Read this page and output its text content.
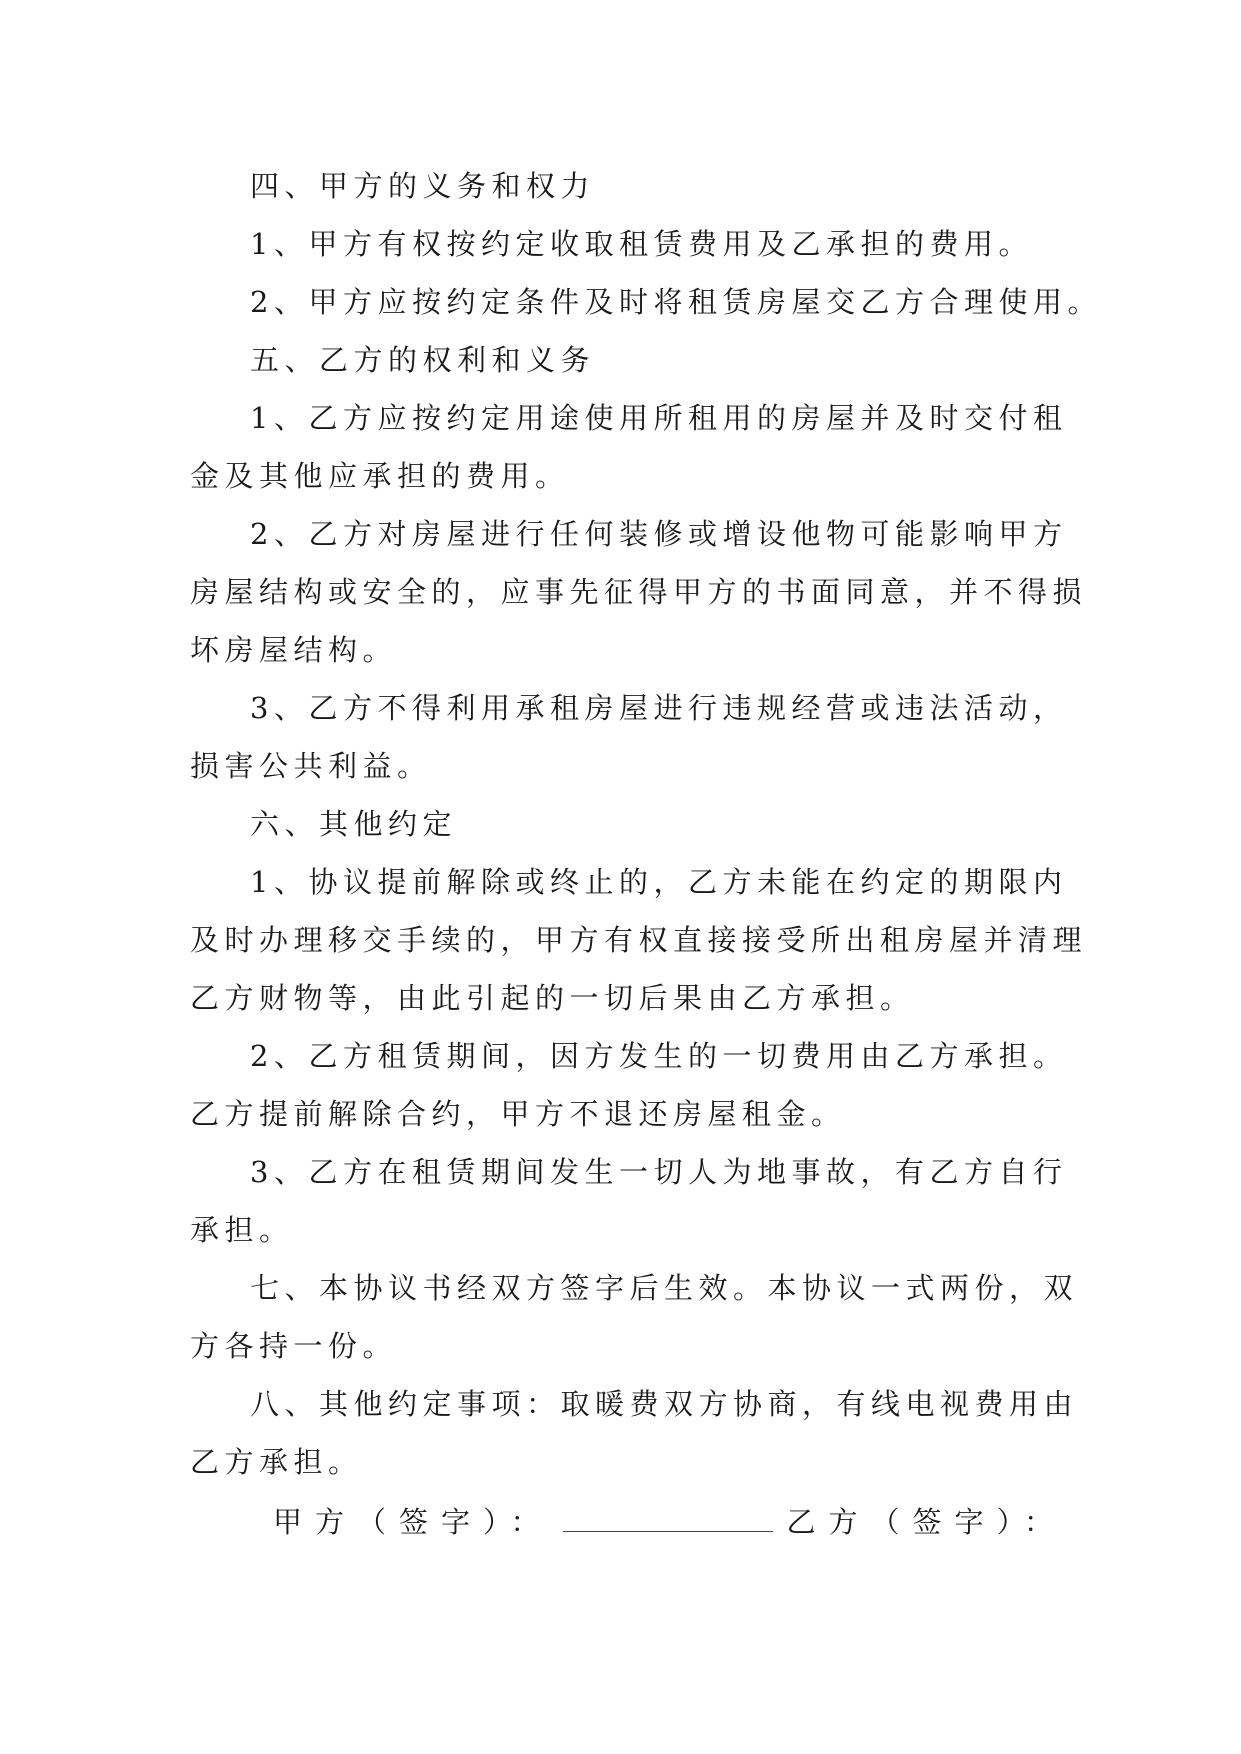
四、甲方的义务和权力
1、甲方有权按约定收取租赁费用及乙承担的费用。
2、甲方应按约定条件及时将租赁房屋交乙方合理使用。
五、乙方的权利和义务
1、乙方应按约定用途使用所租用的房屋并及时交付租
金及其他应承担的费用。
2、乙方对房屋进行任何装修或增设他物可能影响甲方
房屋结构或安全的，应事先征得甲方的书面同意，并不得损
坏房屋结构。
3、乙方不得利用承租房屋进行违规经营或违法活动，
损害公共利益。
六、其他约定
1、协议提前解除或终止的，乙方未能在约定的期限内
及时办理移交手续的，甲方有权直接接受所出租房屋并清理
乙方财物等，由此引起的一切后果由乙方承担。
2、乙方租赁期间，因方发生的一切费用由乙方承担。
乙方提前解除合约，甲方不退还房屋租金。
3、乙方在租赁期间发生一切人为地事故，有乙方自行
承担。
七、本协议书经双方签字后生效。本协议一式两份，双
方各持一份。
八、其他约定事项：取暖费双方协商，有线电视费用由
乙方承担。
甲方（签字）：	乙方（签字）：
